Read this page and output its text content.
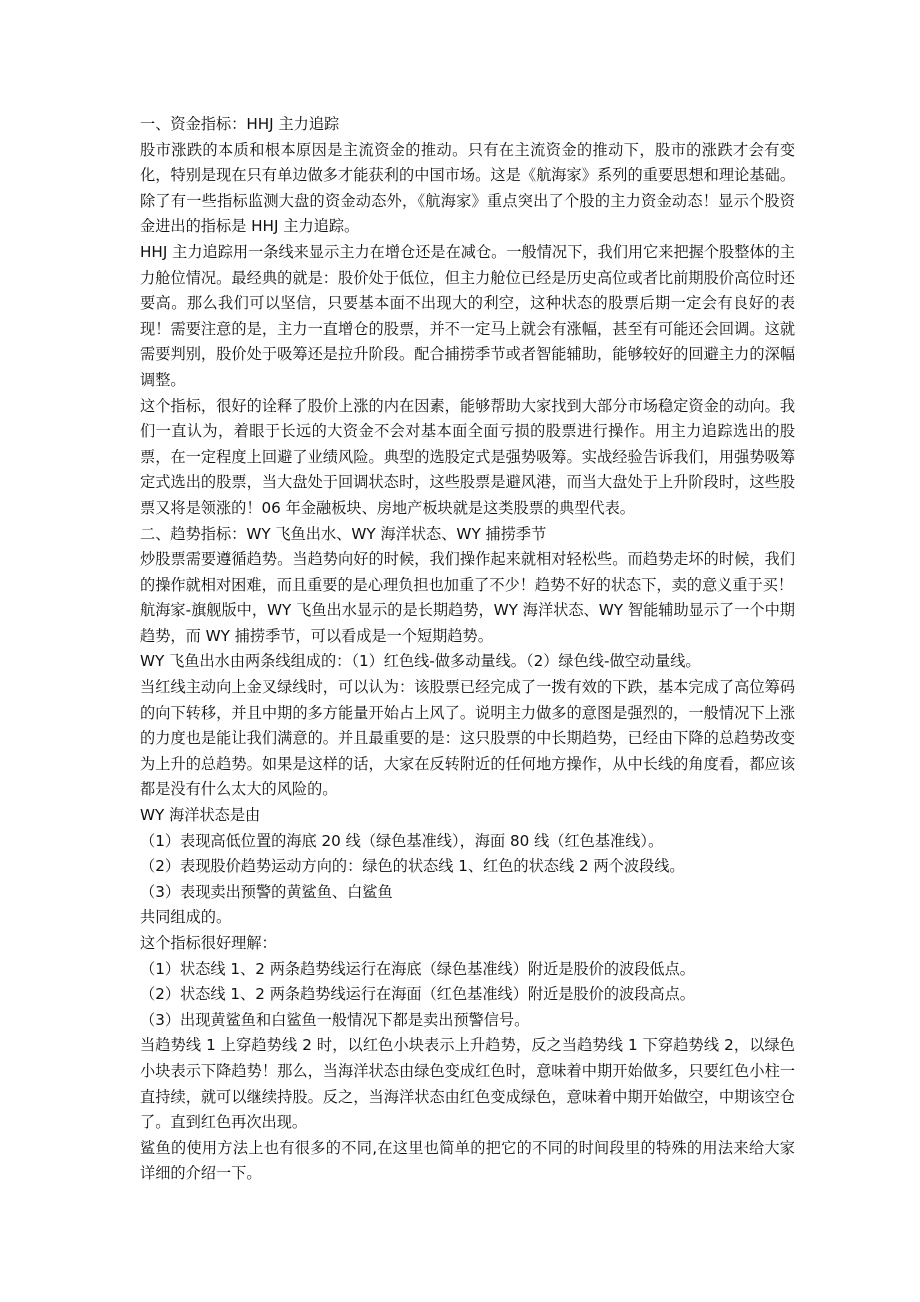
一、资金指标：HHJ 主力追踪

股市涨跌的本质和根本原因是主流资金的推动。只有在主流资金的推动下，股市的涨跌才会有变化，特别是现在只有单边做多才能获利的中国市场。这是《航海家》系列的重要思想和理论基础。除了有一些指标监测大盘的资金动态外，《航海家》重点突出了个股的主力资金动态！显示个股资金进出的指标是 HHJ 主力追踪。

HHJ 主力追踪用一条线来显示主力在增仓还是在减仓。一般情况下，我们用它来把握个股整体的主力舱位情况。最经典的就是：股价处于低位，但主力舱位已经是历史高位或者比前期股价高位时还要高。那么我们可以坚信，只要基本面不出现大的利空，这种状态的股票后期一定会有良好的表现！需要注意的是，主力一直增仓的股票，并不一定马上就会有涨幅，甚至有可能还会回调。这就需要判别，股价处于吸筹还是拉升阶段。配合捕捞季节或者智能辅助，能够较好的回避主力的深幅调整。

这个指标，很好的诠释了股价上涨的内在因素，能够帮助大家找到大部分市场稳定资金的动向。我们一直认为，着眼于长远的大资金不会对基本面全面亏损的股票进行操作。用主力追踪选出的股票，在一定程度上回避了业绩风险。典型的选股定式是强势吸筹。实战经验告诉我们，用强势吸筹定式选出的股票，当大盘处于回调状态时，这些股票是避风港，而当大盘处于上升阶段时，这些股票又将是领涨的！06 年金融板块、房地产板块就是这类股票的典型代表。

二、趋势指标：WY 飞鱼出水、WY 海洋状态、WY 捕捞季节

炒股票需要遵循趋势。当趋势向好的时候，我们操作起来就相对轻松些。而趋势走坏的时候，我们的操作就相对困难，而且重要的是心理负担也加重了不少！趋势不好的状态下，卖的意义重于买！

航海家-旗舰版中，WY 飞鱼出水显示的是长期趋势，WY 海洋状态、WY 智能辅助显示了一个中期趋势，而 WY 捕捞季节，可以看成是一个短期趋势。

WY 飞鱼出水由两条线组成的：（1）红色线-做多动量线。（2）绿色线-做空动量线。

当红线主动向上金叉绿线时，可以认为：该股票已经完成了一拨有效的下跌，基本完成了高位筹码的向下转移，并且中期的多方能量开始占上风了。说明主力做多的意图是强烈的，一般情况下上涨的力度也是能让我们满意的。并且最重要的是：这只股票的中长期趋势，已经由下降的总趋势改变为上升的总趋势。如果是这样的话，大家在反转附近的任何地方操作，从中长线的角度看，都应该都是没有什么太大的风险的。

WY 海洋状态是由

（1）表现高低位置的海底 20 线（绿色基准线），海面 80 线（红色基准线）。

（2）表现股价趋势运动方向的：绿色的状态线 1、红色的状态线 2 两个波段线。

（3）表现卖出预警的黄鲨鱼、白鲨鱼

共同组成的。

这个指标很好理解：

（1）状态线 1、2 两条趋势线运行在海底（绿色基准线）附近是股价的波段低点。

（2）状态线 1、2 两条趋势线运行在海面（红色基准线）附近是股价的波段高点。

（3）出现黄鲨鱼和白鲨鱼一般情况下都是卖出预警信号。

当趋势线 1 上穿趋势线 2 时，以红色小块表示上升趋势，反之当趋势线 1 下穿趋势线 2，以绿色小块表示下降趋势！那么，当海洋状态由绿色变成红色时，意味着中期开始做多，只要红色小柱一直持续，就可以继续持股。反之，当海洋状态由红色变成绿色，意味着中期开始做空，中期该空仓了。直到红色再次出现。

鲨鱼的使用方法上也有很多的不同,在这里也简单的把它的不同的时间段里的特殊的用法来给大家详细的介绍一下。
